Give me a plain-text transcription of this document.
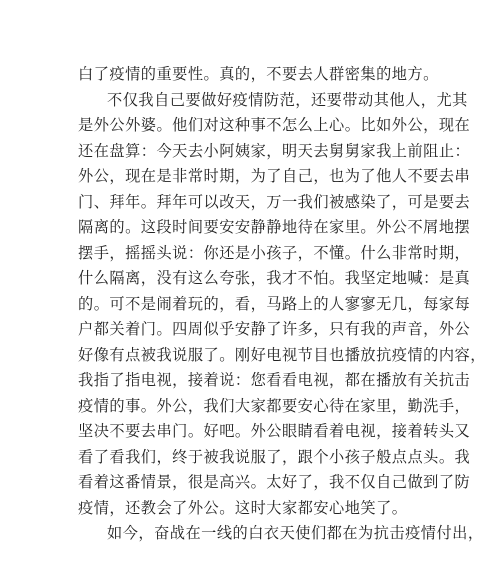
白了疫情的重要性。真的，不要去人群密集的地方。
不仅我自己要做好疫情防范，还要带动其他人，尤其
是外公外婆。他们对这种事不怎么上心。比如外公，现在
还在盘算：今天去小阿姨家，明天去舅舅家我上前阻止：
外公，现在是非常时期，为了自己，也为了他人不要去串
门、拜年。拜年可以改天，万一我们被感染了，可是要去
隔离的。这段时间要安安静静地待在家里。外公不屑地摆
摆手，摇摇头说：你还是小孩子，不懂。什么非常时期，
什么隔离，没有这么夸张，我才不怕。我坚定地喊：是真
的。可不是闹着玩的，看，马路上的人寥寥无几，每家每
户都关着门。四周似乎安静了许多，只有我的声音，外公
好像有点被我说服了。刚好电视节目也播放抗疫情的内容，
我指了指电视，接着说：您看看电视，都在播放有关抗击
疫情的事。外公，我们大家都要安心待在家里，勤洗手，
坚决不要去串门。好吧。外公眼睛看着电视，接着转头又
看了看我们，终于被我说服了，跟个小孩子般点点头。我
看着这番情景，很是高兴。太好了，我不仅自己做到了防
疫情，还教会了外公。这时大家都安心地笑了。
如今，奋战在一线的白衣天使们都在为抗击疫情付出，
